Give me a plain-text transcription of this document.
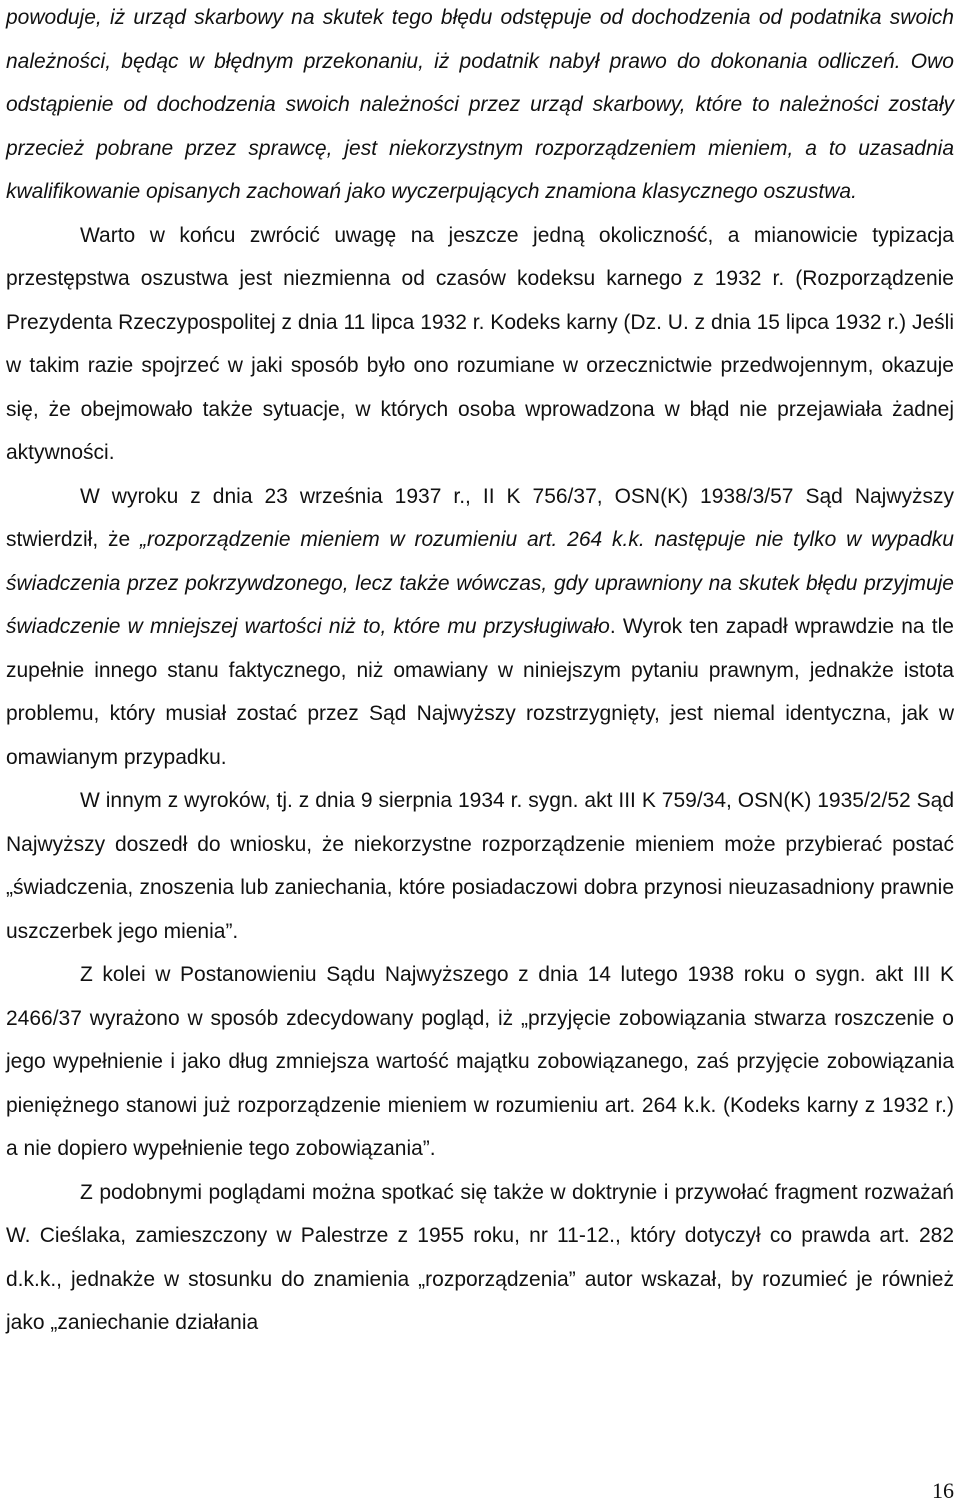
powoduje, iż urząd skarbowy na skutek tego błędu odstępuje od dochodzenia od podatnika swoich należności, będąc w błędnym przekonaniu, iż podatnik nabył prawo do dokonania odliczeń. Owo odstąpienie od dochodzenia swoich należności przez urząd skarbowy, które to należności zostały przecież pobrane przez sprawcę, jest niekorzystnym rozporządzeniem mieniem, a to uzasadnia kwalifikowanie opisanych zachowań jako wyczerpujących znamiona klasycznego oszustwa.

Warto w końcu zwrócić uwagę na jeszcze jedną okoliczność, a mianowicie typizacja przestępstwa oszustwa jest niezmienna od czasów kodeksu karnego z 1932 r. (Rozporządzenie Prezydenta Rzeczypospolitej z dnia 11 lipca 1932 r. Kodeks karny (Dz. U. z dnia 15 lipca 1932 r.) Jeśli w takim razie spojrzeć w jaki sposób było ono rozumiane w orzecznictwie przedwojennym, okazuje się, że obejmowało także sytuacje, w których osoba wprowadzona w błąd nie przejawiała żadnej aktywności.

W wyroku z dnia 23 września 1937 r., II K 756/37, OSN(K) 1938/3/57 Sąd Najwyższy stwierdził, że „rozporządzenie mieniem w rozumieniu art. 264 k.k. następuje nie tylko w wypadku świadczenia przez pokrzywdzonego, lecz także wówczas, gdy uprawniony na skutek błędu przyjmuje świadczenie w mniejszej wartości niż to, które mu przysługiwało. Wyrok ten zapadł wprawdzie na tle zupełnie innego stanu faktycznego, niż omawiany w niniejszym pytaniu prawnym, jednakże istota problemu, który musiał zostać przez Sąd Najwyższy rozstrzygnięty, jest niemal identyczna, jak w omawianym przypadku.

W innym z wyroków, tj. z dnia 9 sierpnia 1934 r. sygn. akt III K 759/34, OSN(K) 1935/2/52 Sąd Najwyższy doszedł do wniosku, że niekorzystne rozporządzenie mieniem może przybierać postać „świadczenia, znoszenia lub zaniechania, które posiadaczowi dobra przynosi nieuzasadniony prawnie uszczerbek jego mienia”.

Z kolei w Postanowieniu Sądu Najwyższego z dnia 14 lutego 1938 roku o sygn. akt III K 2466/37 wyrażono w sposób zdecydowany pogląd, iż „przyjęcie zobowiązania stwarza roszczenie o jego wypełnienie i jako dług zmniejsza wartość majątku zobowiązanego, zaś przyjęcie zobowiązania pieniężnego stanowi już rozporządzenie mieniem w rozumieniu art. 264 k.k. (Kodeks karny z 1932 r.) a nie dopiero wypełnienie tego zobowiązania”.

Z podobnymi poglądami można spotkać się także w doktrynie i przywołać fragment rozważań W. Cieślaka, zamieszczony w Palestrze z 1955 roku, nr 11-12., który dotyczył co prawda art. 282 d.k.k., jednakże w stosunku do znamienia „rozporządzenia” autor wskazał, by rozumieć je również jako „zaniechanie działania

16
